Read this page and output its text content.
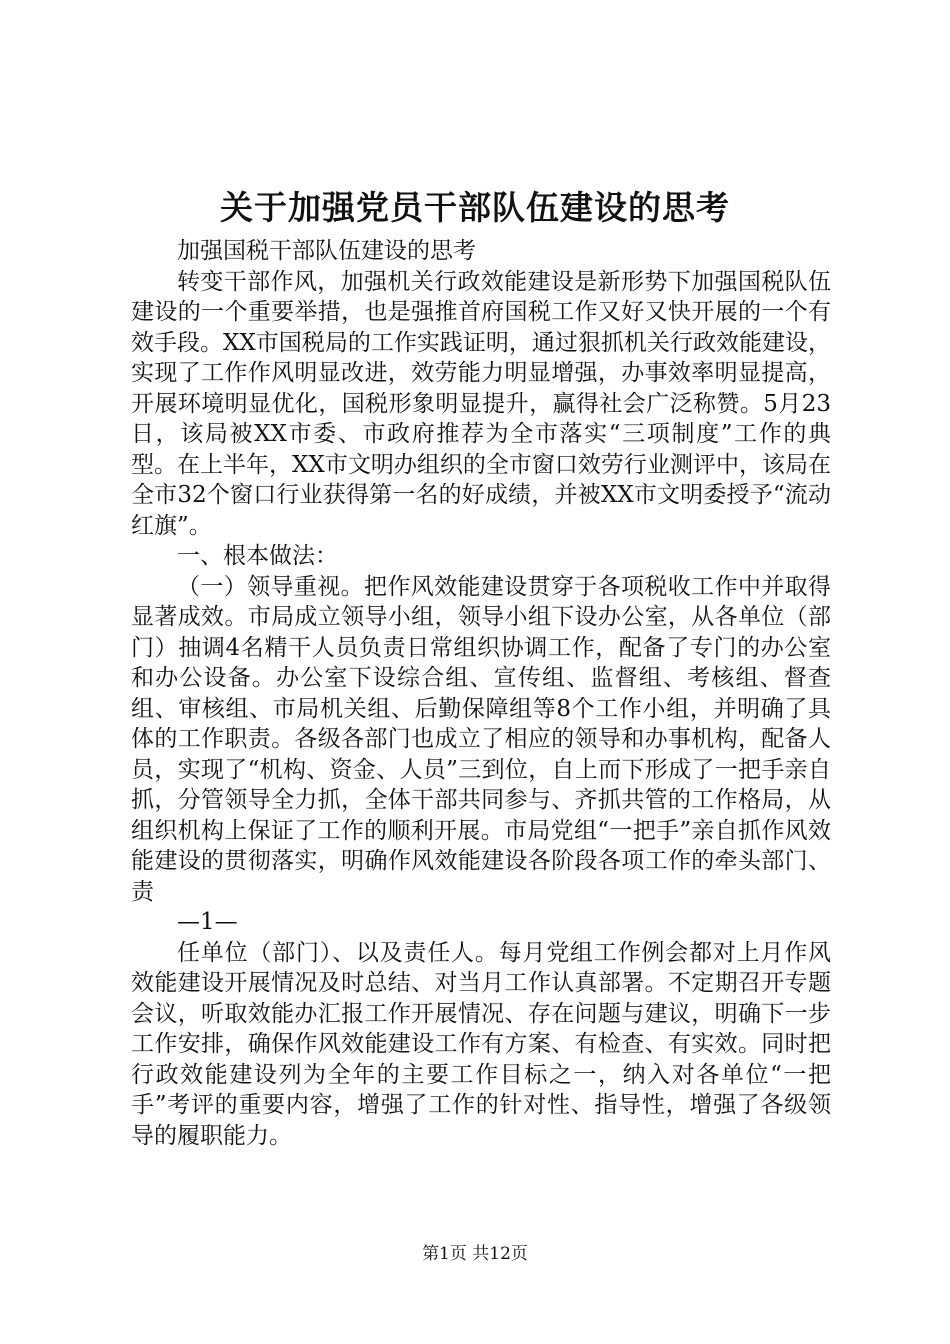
关于加强党员干部队伍建设的思考

加强国税干部队伍建设的思考

转变干部作风，加强机关行政效能建设是新形势下加强国税队伍建设的一个重要举措，也是强推首府国税工作又好又快开展的一个有效手段。XX市国税局的工作实践证明，通过狠抓机关行政效能建设，实现了工作作风明显改进，效劳能力明显增强，办事效率明显提高，开展环境明显优化，国税形象明显提升，赢得社会广泛称赞。5月23日，该局被XX市委、市政府推荐为全市落实“三项制度”工作的典型。在上半年，XX市文明办组织的全市窗口效劳行业测评中，该局在全市32个窗口行业获得第一名的好成绩，并被XX市文明委授予“流动红旗”。

一、根本做法：

（一）领导重视。把作风效能建设贯穿于各项税收工作中并取得显著成效。市局成立领导小组，领导小组下设办公室，从各单位（部门）抽调4名精干人员负责日常组织协调工作，配备了专门的办公室和办公设备。办公室下设综合组、宣传组、监督组、考核组、督查组、审核组、市局机关组、后勤保障组等8个工作小组，并明确了具体的工作职责。各级各部门也成立了相应的领导和办事机构，配备人员，实现了“机构、资金、人员”三到位，自上而下形成了一把手亲自抓，分管领导全力抓，全体干部共同参与、齐抓共管的工作格局，从组织机构上保证了工作的顺利开展。市局党组“一把手”亲自抓作风效能建设的贯彻落实，明确作风效能建设各阶段各项工作的牵头部门、责

—1—

任单位（部门）、以及责任人。每月党组工作例会都对上月作风效能建设开展情况及时总结、对当月工作认真部署。不定期召开专题会议，听取效能办汇报工作开展情况、存在问题与建议，明确下一步工作安排，确保作风效能建设工作有方案、有检查、有实效。同时把行政效能建设列为全年的主要工作目标之一，纳入对各单位“一把手”考评的重要内容，增强了工作的针对性、指导性，增强了各级领导的履职能力。

第1页 共12页
